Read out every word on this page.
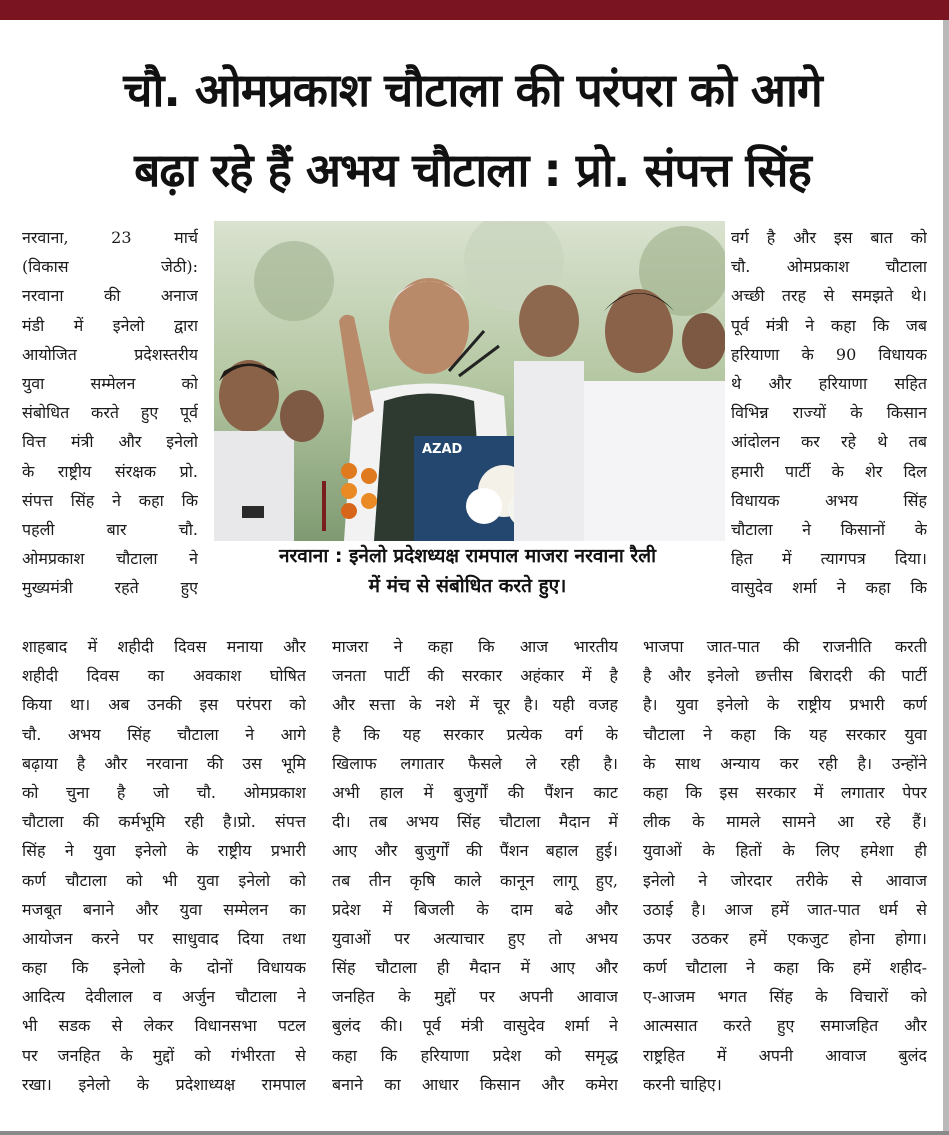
चौ. ओमप्रकाश चौटाला की परंपरा को आगे
बढ़ा रहे हैं अभय चौटाला : प्रो. संपत्त सिंह
नरवाना, 23 मार्च
(विकास जेठी):
नरवाना की अनाज
मंडी में इनेलो द्वारा
आयोजित प्रदेशस्तरीय
युवा सम्मेलन को
संबोधित करते हुए पूर्व
वित्त मंत्री और इनेलो
के राष्ट्रीय संरक्षक प्रो.
संपत्त सिंह ने कहा कि
पहली बार चौ.
ओमप्रकाश चौटाला ने
मुख्यमंत्री रहते हुए
शाहबाद में शहीदी दिवस मनाया और
शहीदी दिवस का अवकाश घोषित
किया था। अब उनकी इस परंपरा को
चौ. अभय सिंह चौटाला ने आगे
बढ़ाया है और नरवाना की उस भूमि
को चुना है जो चौ. ओमप्रकाश
चौटाला की कर्मभूमि रही है।प्रो. संपत्त
सिंह ने युवा इनेलो के राष्ट्रीय प्रभारी
कर्ण चौटाला को भी युवा इनेलो को
मजबूत बनाने और युवा सम्मेलन का
आयोजन करने पर साधुवाद दिया तथा
कहा कि इनेलो के दोनों विधायक
आदित्य देवीलाल व अर्जुन चौटाला ने
भी सडक से लेकर विधानसभा पटल
पर जनहित के मुद्दों को गंभीरता से
रखा। इनेलो के प्रदेशाध्यक्ष रामपाल
माजरा ने कहा कि आज भारतीय
जनता पार्टी की सरकार अहंकार में है
और सत्ता के नशे में चूर है। यही वजह
है कि यह सरकार प्रत्येक वर्ग के
खिलाफ लगातार फैसले ले रही है।
अभी हाल में बुजुर्गों की पैंशन काट
दी। तब अभय सिंह चौटाला मैदान में
आए और बुजुर्गों की पैंशन बहाल हुई।
तब तीन कृषि काले कानून लागू हुए,
प्रदेश में बिजली के दाम बढे और
युवाओं पर अत्याचार हुए तो अभय
सिंह चौटाला ही मैदान में आए और
जनहित के मुद्दों पर अपनी आवाज
बुलंद की। पूर्व मंत्री वासुदेव शर्मा ने
कहा कि हरियाणा प्रदेश को समृद्ध
बनाने का आधार किसान और कमेरा
वर्ग है और इस बात को
चौ. ओमप्रकाश चौटाला
अच्छी तरह से समझते थे।
पूर्व मंत्री ने कहा कि जब
हरियाणा के 90 विधायक
थे और हरियाणा सहित
विभिन्न राज्यों के किसान
आंदोलन कर रहे थे तब
हमारी पार्टी के शेर दिल
विधायक अभय सिंह
चौटाला ने किसानों के
हित में त्यागपत्र दिया।
वासुदेव शर्मा ने कहा कि
भाजपा जात-पात की राजनीति करती
है और इनेलो छत्तीस बिरादरी की पार्टी
है। युवा इनेलो के राष्ट्रीय प्रभारी कर्ण
चौटाला ने कहा कि यह सरकार युवा
के साथ अन्याय कर रही है। उन्होंने
कहा कि इस सरकार में लगातार पेपर
लीक के मामले सामने आ रहे हैं।
युवाओं के हितों के लिए हमेशा ही
इनेलो ने जोरदार तरीके से आवाज
उठाई है। आज हमें जात-पात धर्म से
ऊपर उठकर हमें एकजुट होना होगा।
कर्ण चौटाला ने कहा कि हमें शहीद-
ए-आजम भगत सिंह के विचारों को
आत्मसात करते हुए समाजहित और
राष्ट्रहित में अपनी आवाज बुलंद
करनी चाहिए।
AZAD
नरवाना : इनेलो प्रदेशध्यक्ष रामपाल माजरा नरवाना रैली
में मंच से संबोधित करते हुए।
